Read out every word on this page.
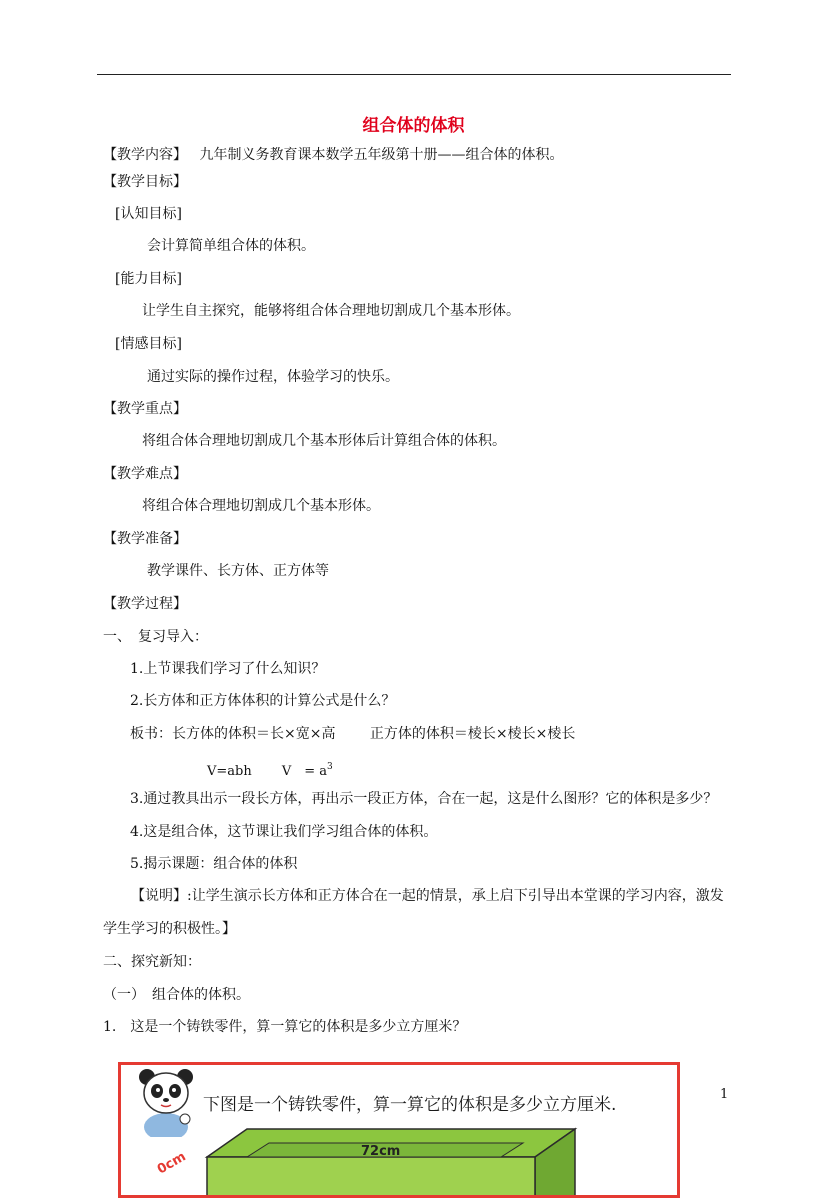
组合体的体积
【教学内容】 九年制义务教育课本数学五年级第十册——组合体的体积。
【教学目标】
[认知目标]
会计算简单组合体的体积。
[能力目标]
让学生自主探究，能够将组合体合理地切割成几个基本形体。
[情感目标]
通过实际的操作过程，体验学习的快乐。
【教学重点】
将组合体合理地切割成几个基本形体后计算组合体的体积。
【教学难点】
将组合体合理地切割成几个基本形体。
【教学准备】
教学课件、长方体、正方体等
【教学过程】
一、　复习导入：
1.上节课我们学习了什么知识？
2.长方体和正方体体积的计算公式是什么？
板书：长方体的体积＝长×宽×高 正方体的体积＝棱长×棱长×棱长
V=abh V　= $a^3$
3.通过教具出示一段长方体，再出示一段正方体，合在一起，这是什么图形？它的体积是多少？
4.这是组合体，这节课让我们学习组合体的体积。
5.揭示课题：组合体的体积
【说明】:让学生演示长方体和正方体合在一起的情景，承上启下引导出本堂课的学习内容，激发学生学习的积极性。】
二、探究新知：
（一）　组合体的体积。
1.　这是一个铸铁零件，算一算它的体积是多少立方厘米？
1
下图是一个铸铁零件，算一算它的体积是多少立方厘米.
72cm
0cm
